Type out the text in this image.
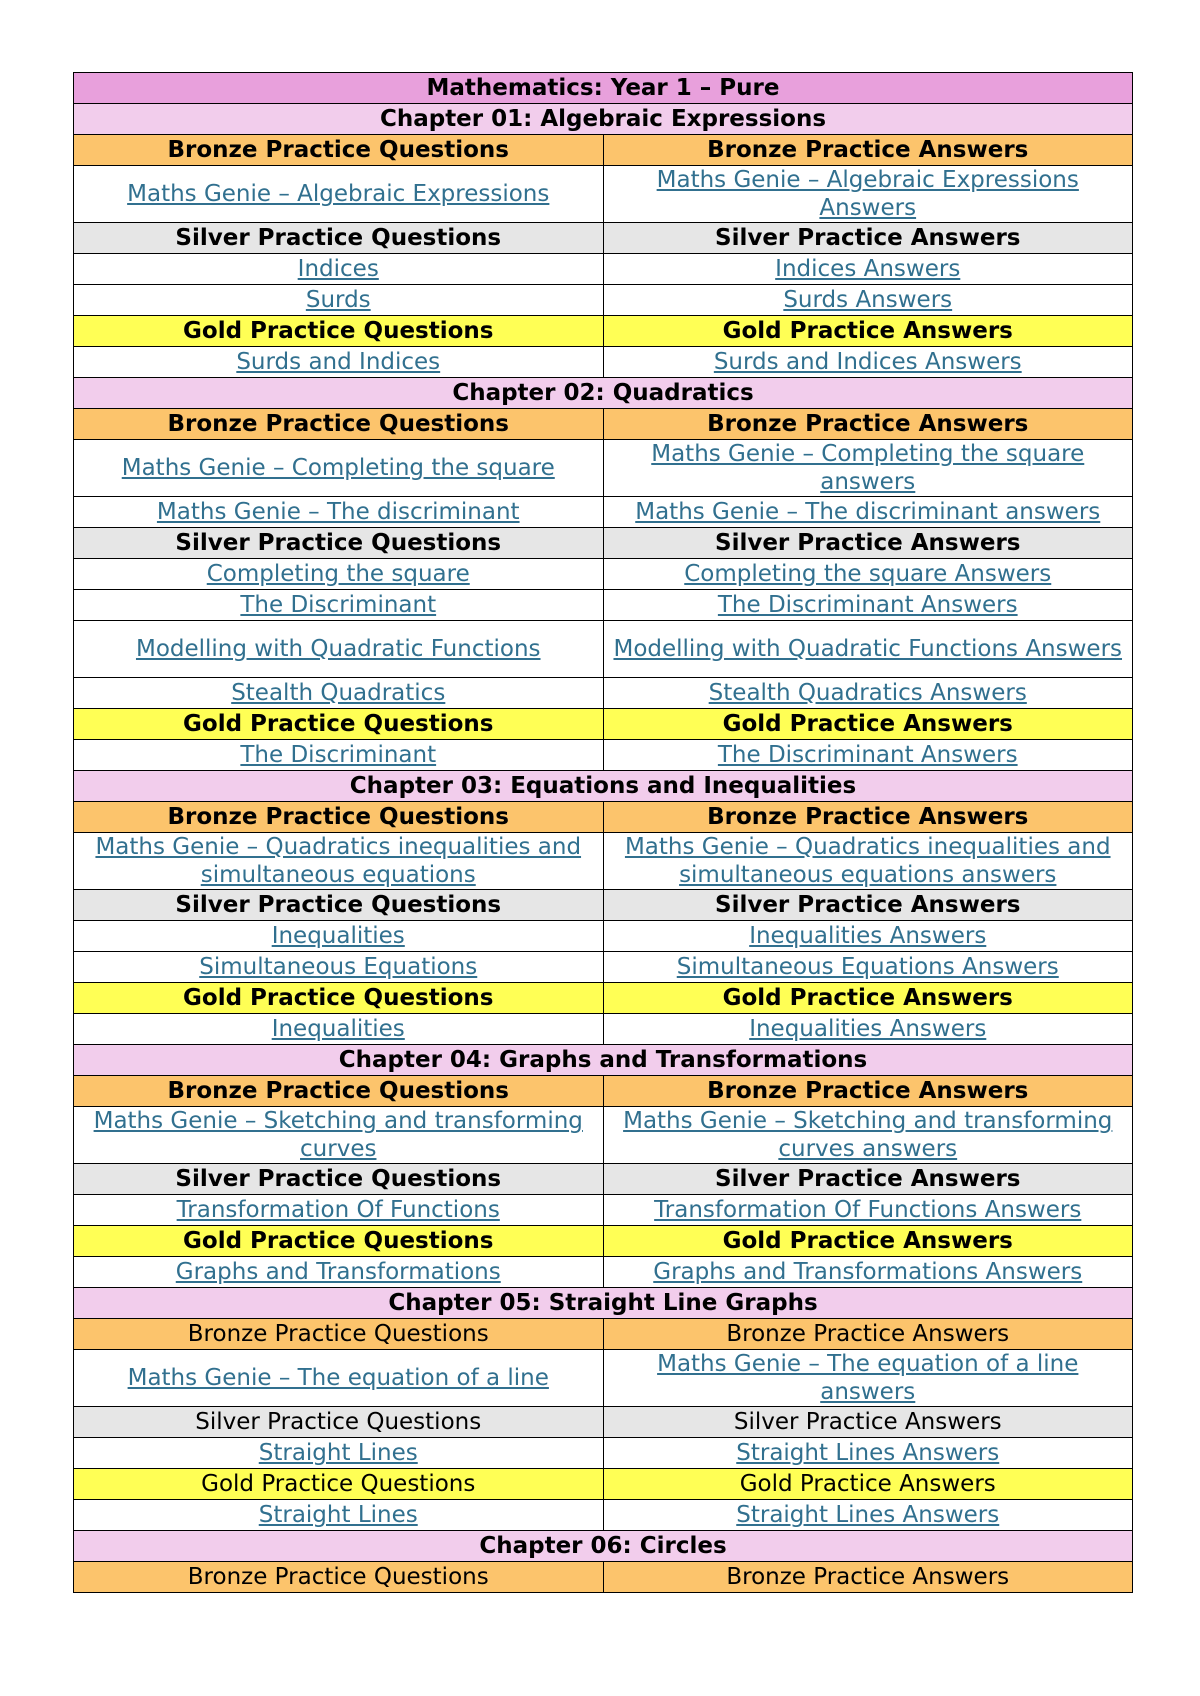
Mathematics: Year 1 – Pure	
Chapter 01: Algebraic Expressions	
Bronze Practice Questions	Bronze Practice Answers
Maths Genie – Algebraic Expressions	Maths Genie – Algebraic Expressions Answers
Silver Practice Questions	Silver Practice Answers
Indices	Indices Answers
Surds	Surds Answers
Gold Practice Questions	Gold Practice Answers
Surds and Indices	Surds and Indices Answers
Chapter 02: Quadratics	
Bronze Practice Questions	Bronze Practice Answers
Maths Genie – Completing the square	Maths Genie – Completing the square answers
Maths Genie – The discriminant	Maths Genie – The discriminant answers
Silver Practice Questions	Silver Practice Answers
Completing the square	Completing the square Answers
The Discriminant	The Discriminant Answers
Modelling with Quadratic Functions	Modelling with Quadratic Functions Answers
Stealth Quadratics	Stealth Quadratics Answers
Gold Practice Questions	Gold Practice Answers
The Discriminant	The Discriminant Answers
Chapter 03: Equations and Inequalities	
Bronze Practice Questions	Bronze Practice Answers
Maths Genie – Quadratics inequalities and simultaneous equations	Maths Genie – Quadratics inequalities and simultaneous equations answers
Silver Practice Questions	Silver Practice Answers
Inequalities	Inequalities Answers
Simultaneous Equations	Simultaneous Equations Answers
Gold Practice Questions	Gold Practice Answers
Inequalities	Inequalities Answers
Chapter 04: Graphs and Transformations	
Bronze Practice Questions	Bronze Practice Answers
Maths Genie – Sketching and transforming curves	Maths Genie – Sketching and transforming curves answers
Silver Practice Questions	Silver Practice Answers
Transformation Of Functions	Transformation Of Functions Answers
Gold Practice Questions	Gold Practice Answers
Graphs and Transformations	Graphs and Transformations Answers
Chapter 05: Straight Line Graphs	
Bronze Practice Questions	Bronze Practice Answers
Maths Genie – The equation of a line	Maths Genie – The equation of a line answers
Silver Practice Questions	Silver Practice Answers
Straight Lines	Straight Lines Answers
Gold Practice Questions	Gold Practice Answers
Straight Lines	Straight Lines Answers
Chapter 06: Circles	
Bronze Practice Questions	Bronze Practice Answers
